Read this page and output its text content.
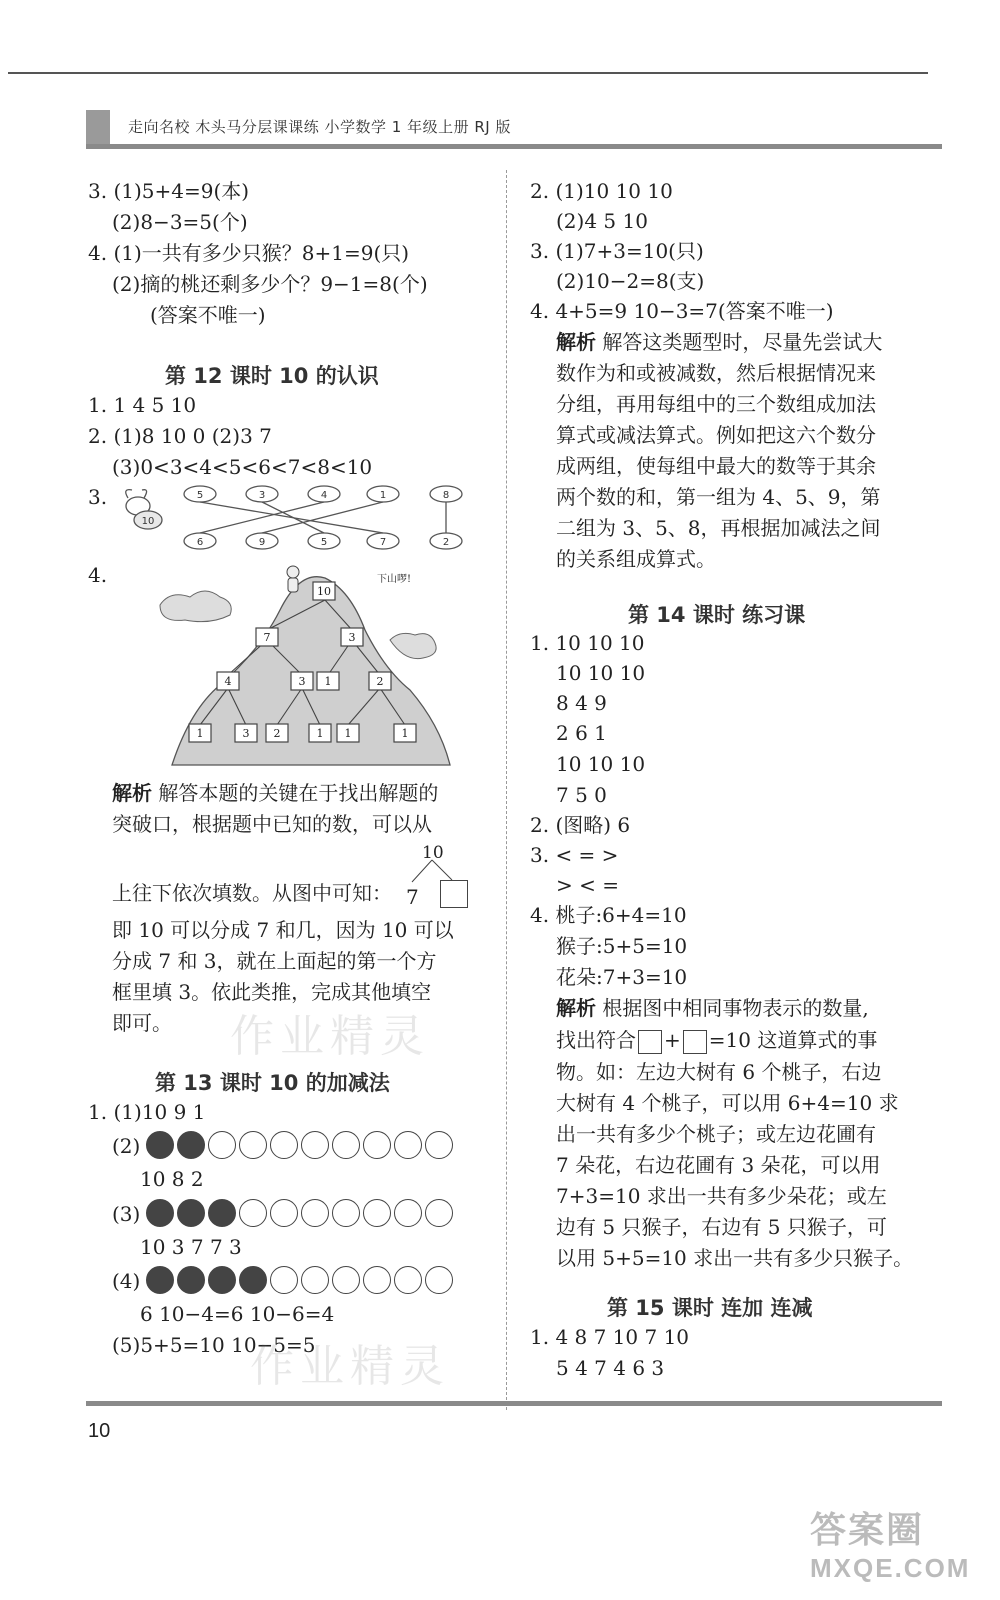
走向名校 木头马分层课课练 小学数学 1 年级上册 RJ 版
3. (1)5+4=9(本)
(2)8−3=5(个)
4. (1)一共有多少只猴？8+1=9(只)
(2)摘的桃还剩多少个？9−1=8(个)
(答案不唯一)
第 12 课时 10 的认识
1. 1 4 5 10
2. (1)8 10 0 (2)3 7
(3)0<3<4<5<6<7<8<10
3.
10
5	3	4	1	8
6	9	5	7	2
4.
10
7	3
4	3 1	2
1	3 2	1 1	1
下山啰!
解析 解答本题的关键在于找出解题的
突破口，根据题中已知的数，可以从
10
上往下依次填数。从图中可知： 7
即 10 可以分成 7 和几，因为 10 可以
分成 7 和 3，就在上面起的第一个方
框里填 3。依此类推，完成其他填空
即可。
第 13 课时 10 的加减法
1. (1)10 9 1
(2)
10 8 2
(3)
10 3 7 7 3
(4)
6 10−4=6 10−6=4
(5)5+5=10 10−5=5
2. (1)10 10 10
(2)4 5 10
3. (1)7+3=10(只)
(2)10−2=8(支)
4. 4+5=9 10−3=7(答案不唯一)
解析 解答这类题型时，尽量先尝试大
数作为和或被减数，然后根据情况来
分组，再用每组中的三个数组成加法
算式或减法算式。例如把这六个数分
成两组，使每组中最大的数等于其余
两个数的和，第一组为 4、5、9，第
二组为 3、5、8，再根据加减法之间
的关系组成算式。
第 14 课时 练习课
1. 10 10 10
10 10 10
8 4 9
2 6 1
10 10 10
7 5 0
2. (图略) 6
3. < = >
> < =
4. 桃子:6+4=10
猴子:5+5=10
花朵:7+3=10
解析 根据图中相同事物表示的数量,
找出符合 + =10 这道算式的事
物。如：左边大树有 6 个桃子，右边
大树有 4 个桃子，可以用 6+4=10 求
出一共有多少个桃子；或左边花圃有
7 朵花，右边花圃有 3 朵花，可以用
7+3=10 求出一共有多少朵花；或左
边有 5 只猴子，右边有 5 只猴子，可
以用 5+5=10 求出一共有多少只猴子。
第 15 课时 连加 连减
1. 4 8 7 10 7 10
5 4 7 4 6 3
作业精灵
作业精灵
10
答案圈
MXQE.COM
